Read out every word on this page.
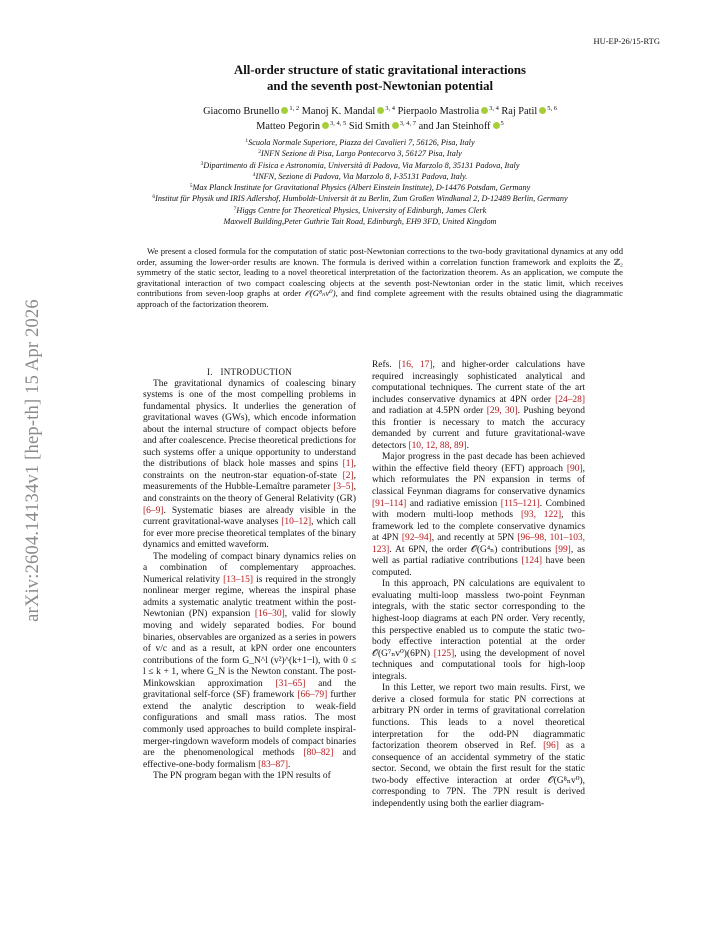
HU-EP-26/15-RTG
arXiv:2604.14134v1 [hep-th] 15 Apr 2026
All-order structure of static gravitational interactions
and the seventh post-Newtonian potential
Giacomo Brunello $^{1, 2}$ Manoj K. Mandal $^{3, 4}$ Pierpaolo Mastrolia $^{3, 4}$ Raj Patil $^{5, 6}$
Matteo Pegorin $^{3, 4, 5}$ Sid Smith $^{3, 4, 7}$ and Jan Steinhoff $^5$
$^1$Scuola Normale Superiore, Piazza dei Cavalieri 7, 56126, Pisa, Italy
$^2$INFN Sezione di Pisa, Largo Pontecorvo 3, 56127 Pisa, Italy
$^3$Dipartimento di Fisica e Astronomia, Università di Padova, Via Marzolo 8, 35131 Padova, Italy
$^4$INFN, Sezione di Padova, Via Marzolo 8, I-35131 Padova, Italy.
$^5$Max Planck Institute for Gravitational Physics (Albert Einstein Institute), D-14476 Potsdam, Germany
$^6$Institut für Physik und IRIS Adlershof, Humboldt-Universit ät zu Berlin, Zum Großen Windkanal 2, D-12489 Berlin, Germany
$^7$Higgs Centre for Theoretical Physics, University of Edinburgh, James Clerk
Maxwell Building,Peter Guthrie Tait Road, Edinburgh, EH9 3FD, United Kingdom
We present a closed formula for the computation of static post-Newtonian corrections to the two-body gravitational dynamics at any odd order, assuming the lower-order results are known. The formula is derived within a correlation function framework and exploits the ℤ₂ symmetry of the static sector, leading to a novel theoretical interpretation of the factorization theorem. As an application, we compute the gravitational interaction of two compact coalescing objects at the seventh post-Newtonian order in the static limit, which receives contributions from seven-loop graphs at order 𝒪(G⁸ₙv⁰), and find complete agreement with the results obtained using the diagrammatic approach of the factorization theorem.

I. INTRODUCTION

The gravitational dynamics of coalescing binary systems is one of the most compelling problems in fundamental physics. It underlies the generation of gravitational waves (GWs), which encode information about the internal structure of compact objects before and after coalescence. Precise theoretical predictions for such systems offer a unique opportunity to understand the distributions of black hole masses and spins [1], constraints on the neutron-star equation-of-state [2], measurements of the Hubble-Lemaître parameter [3–5], and constraints on the theory of General Relativity (GR) [6–9]. Systematic biases are already visible in the current gravitational-wave analyses [10–12], which call for ever more precise theoretical templates of the binary dynamics and emitted waveform.

The modeling of compact binary dynamics relies on a combination of complementary approaches. Numerical relativity [13–15] is required in the strongly nonlinear merger regime, whereas the inspiral phase admits a systematic analytic treatment within the post-Newtonian (PN) expansion [16–30], valid for slowly moving and widely separated bodies. For bound binaries, observables are organized as a series in powers of v/c and as a result, at kPN order one encounters contributions of the form G_N^l (v²)^(k+1−l), with 0 ≤ l ≤ k + 1, where G_N is the Newton constant. The post-Minkowskian approximation [31–65] and the gravitational self-force (SF) framework [66–79] further extend the analytic description to weak-field configurations and small mass ratios. The most commonly used approaches to build complete inspiral-merger-ringdown waveform models of compact binaries are the phenomenological methods [80–82] and effective-one-body formalism [83–87].

The PN program began with the 1PN results of

Refs. [16, 17], and higher-order calculations have required increasingly sophisticated analytical and computational techniques. The current state of the art includes conservative dynamics at 4PN order [24–28] and radiation at 4.5PN order [29, 30]. Pushing beyond this frontier is necessary to match the accuracy demanded by current and future gravitational-wave detectors [10, 12, 88, 89].

Major progress in the past decade has been achieved within the effective field theory (EFT) approach [90], which reformulates the PN expansion in terms of classical Feynman diagrams for conservative dynamics [91–114] and radiative emission [115–121]. Combined with modern multi-loop methods [93, 122], this framework led to the complete conservative dynamics at 4PN [92–94], and recently at 5PN [96–98, 101–103, 123]. At 6PN, the order 𝒪(G⁴ₙ) contributions [99], as well as partial radiative contributions [124] have been computed.

In this approach, PN calculations are equivalent to evaluating multi-loop massless two-point Feynman integrals, with the static sector corresponding to the highest-loop diagrams at each PN order. Very recently, this perspective enabled us to compute the static two-body effective interaction potential at the order 𝒪(G⁷ₙv⁰)(6PN) [125], using the development of novel techniques and computational tools for high-loop integrals.

In this Letter, we report two main results. First, we derive a closed formula for static PN corrections at arbitrary PN order in terms of gravitational correlation functions. This leads to a novel theoretical interpretation for the odd-PN diagrammatic factorization theorem observed in Ref. [96] as a consequence of an accidental symmetry of the static sector. Second, we obtain the first result for the static two-body effective interaction at order 𝒪(G⁸ₙv⁰), corresponding to 7PN. The 7PN result is derived independently using both the earlier diagram-
